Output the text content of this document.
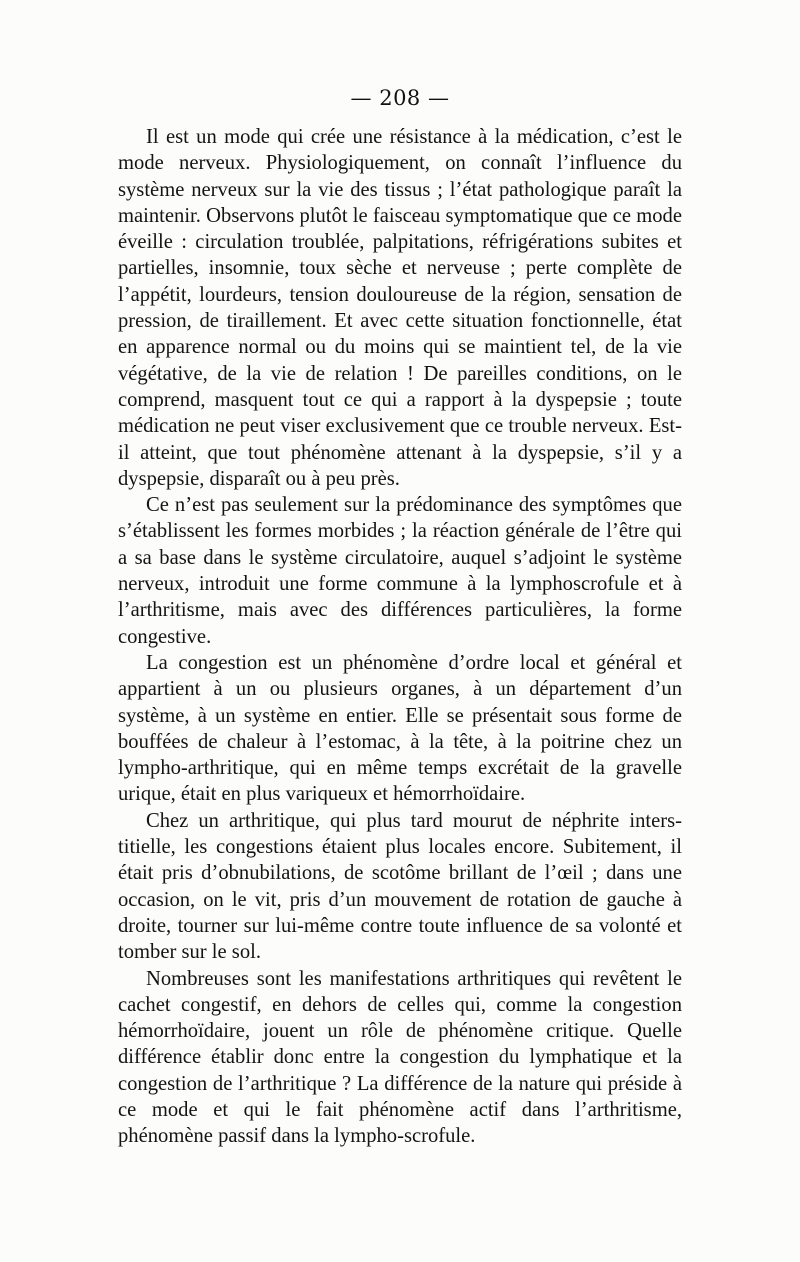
— 208 —

Il est un mode qui crée une résistance à la médication, c’est le mode nerveux. Physiologiquement, on connaît l’influence du système nerveux sur la vie des tissus ; l’état pathologique paraît la maintenir. Observons plutôt le faisceau symptomatique que ce mode éveille : circulation troublée, palpitations, réfrigérations subites et partielles, insomnie, toux sèche et nerveuse ; perte complète de l’appétit, lourdeurs, tension douloureuse de la région, sensation de pression, de tiraillement. Et avec cette situation fonctionnelle, état en apparence normal ou du moins qui se maintient tel, de la vie végétative, de la vie de relation ! De pareilles conditions, on le comprend, masquent tout ce qui a rapport à la dyspepsie ; toute médication ne peut viser exclusivement que ce trouble nerveux. Est-il atteint, que tout phénomène attenant à la dyspepsie, s’il y a dyspepsie, disparaît ou à peu près.

Ce n’est pas seulement sur la prédominance des symptômes que s’établissent les formes morbides ; la réaction générale de l’être qui a sa base dans le système circulatoire, auquel s’adjoint le système nerveux, introduit une forme commune à la lymphoscrofule et à l’arthritisme, mais avec des différences particulières, la forme congestive.

La congestion est un phénomène d’ordre local et général et appartient à un ou plusieurs organes, à un département d’un système, à un système en entier. Elle se présentait sous forme de bouffées de chaleur à l’estomac, à la tête, à la poitrine chez un lympho-arthritique, qui en même temps excrétait de la gravelle urique, était en plus variqueux et hémorrhoïdaire.

Chez un arthritique, qui plus tard mourut de néphrite interstitielle, les congestions étaient plus locales encore. Subitement, il était pris d’obnubilations, de scotôme brillant de l’œil ; dans une occasion, on le vit, pris d’un mouvement de rotation de gauche à droite, tourner sur lui-même contre toute influence de sa volonté et tomber sur le sol.

Nombreuses sont les manifestations arthritiques qui revêtent le cachet congestif, en dehors de celles qui, comme la congestion hémorrhoïdaire, jouent un rôle de phénomène critique. Quelle différence établir donc entre la congestion du lymphatique et la congestion de l’arthritique ? La différence de la nature qui préside à ce mode et qui le fait phénomène actif dans l’arthritisme, phénomène passif dans la lympho-scrofule.
